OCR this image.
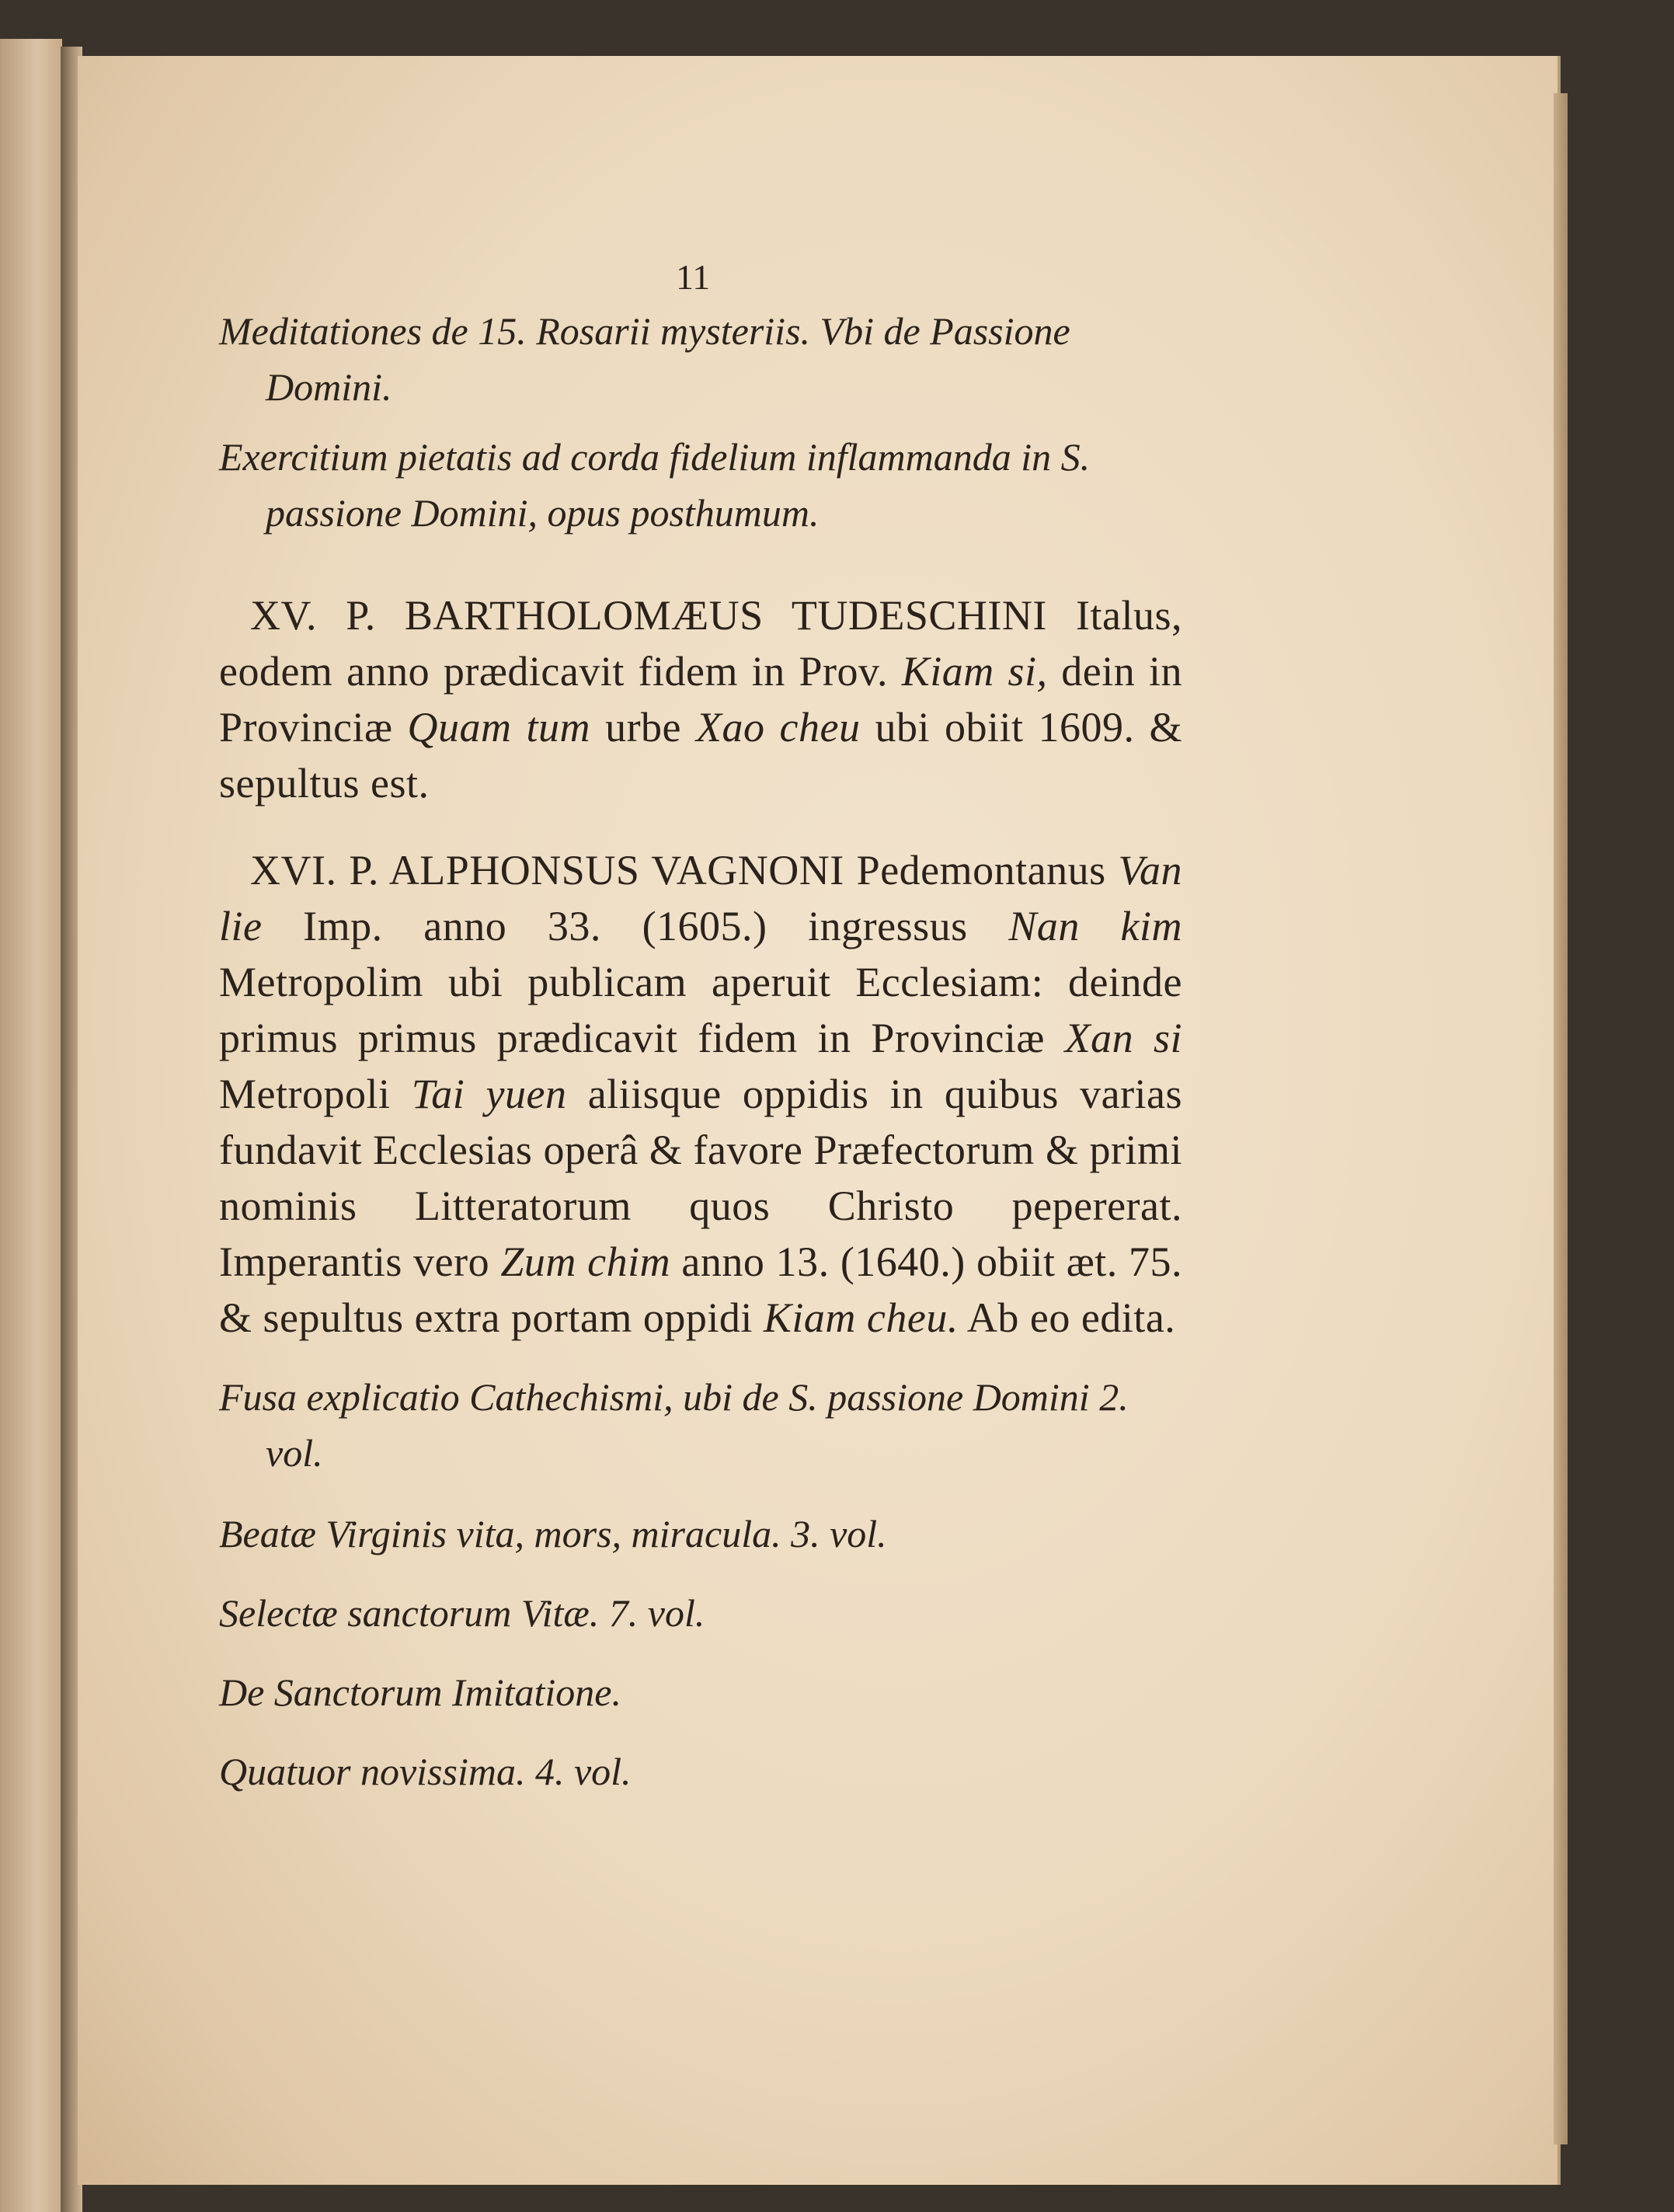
11

Meditationes de 15. Rosarii mysteriis. Vbi de Passione Domini.

Exercitium pietatis ad corda fidelium inflammanda in S. passione Domini, opus posthumum.

XV. P. BARTHOLOMÆUS TUDESCHINI Italus, eodem anno prædicavit fidem in Prov. Kiam si, dein in Provinciæ Quam tum urbe Xao cheu ubi obiit 1609. & sepultus est.

XVI. P. ALPHONSUS VAGNONI Pedemontanus Van lie Imp. anno 33. (1605.) ingressus Nan kim Metropolim ubi publicam aperuit Ecclesiam: deinde primus primus prædicavit fidem in Provinciæ Xan si Metropoli Tai yuen aliisque oppidis in quibus varias fundavit Ecclesias operâ & favore Præfectorum & primi nominis Litteratorum quos Christo pepererat. Imperantis vero Zum chim anno 13. (1640.) obiit æt. 75. & sepultus extra portam oppidi Kiam cheu. Ab eo edita.

Fusa explicatio Cathechismi, ubi de S. passione Domini 2. vol.

Beatæ Virginis vita, mors, miracula. 3. vol.

Selectæ sanctorum Vitæ. 7. vol.

De Sanctorum Imitatione.

Quatuor novissima. 4. vol.
